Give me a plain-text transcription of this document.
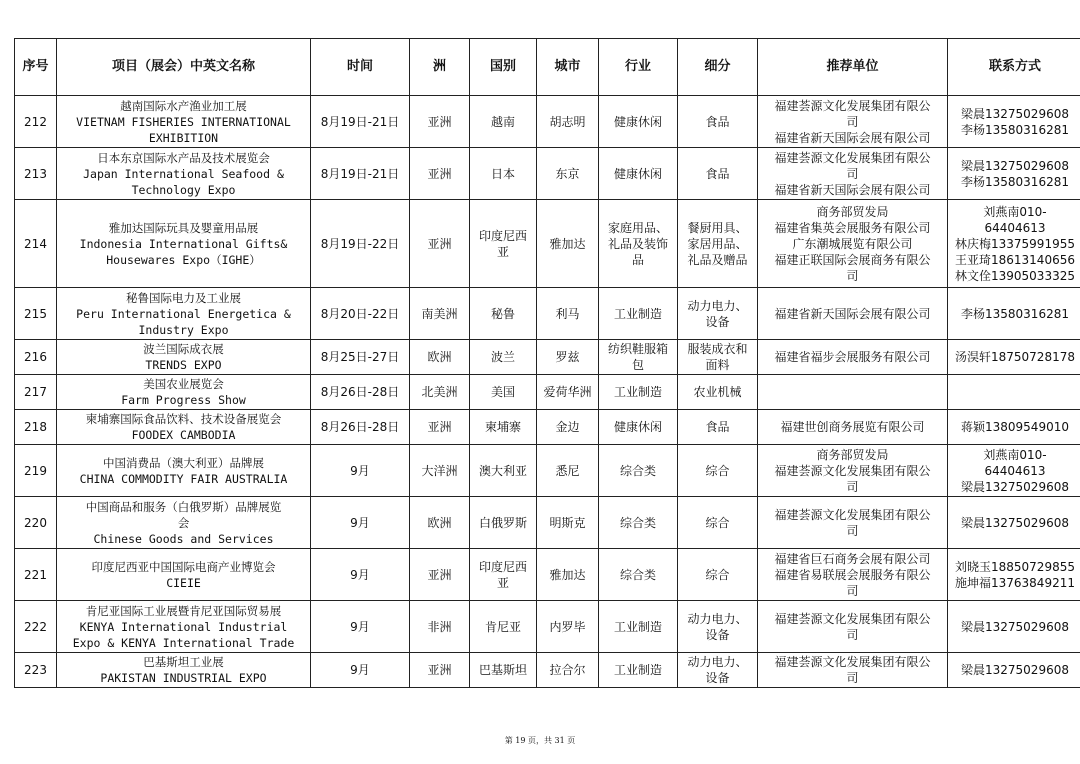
序号	项目（展会）中英文名称	时间	洲	国别	城市	行业	细分	推荐单位	联系方式
212	越南国际水产渔业加工展
VIETNAM FISHERIES INTERNATIONAL
EXHIBITION	8月19日-21日	亚洲	越南	胡志明	健康休闲	食品	福建荟源文化发展集团有限公
司
福建省新天国际会展有限公司	梁晨13275029608
李杨13580316281
213	日本东京国际水产品及技术展览会
Japan International Seafood &
Technology Expo	8月19日-21日	亚洲	日本	东京	健康休闲	食品	福建荟源文化发展集团有限公
司
福建省新天国际会展有限公司	梁晨13275029608
李杨13580316281
214	雅加达国际玩具及婴童用品展
Indonesia International Gifts&
Housewares Expo（IGHE）	8月19日-22日	亚洲	印度尼西
亚	雅加达	家庭用品、
礼品及装饰
品	餐厨用具、
家居用品、
礼品及赠品	商务部贸发局
福建省集英会展服务有限公司
广东潮城展览有限公司
福建正联国际会展商务有限公
司	刘燕南010-
64404613
林庆梅13375991955
王亚琦18613140656
林文佺13905033325
215	秘鲁国际电力及工业展
Peru International Energetica &
Industry Expo	8月20日-22日	南美洲	秘鲁	利马	工业制造	动力电力、
设备	福建省新天国际会展有限公司	李杨13580316281
216	波兰国际成衣展
TRENDS EXPO	8月25日-27日	欧洲	波兰	罗兹	纺织鞋服箱
包	服装成衣和
面料	福建省福步会展服务有限公司	汤淏轩18750728178
217	美国农业展览会
Farm Progress Show	8月26日-28日	北美洲	美国	爱荷华洲	工业制造	农业机械		
218	柬埔寨国际食品饮料、技术设备展览会
FOODEX CAMBODIA	8月26日-28日	亚洲	柬埔寨	金边	健康休闲	食品	福建世创商务展览有限公司	蒋颖13809549010
219	中国消费品（澳大利亚）品牌展
CHINA COMMODITY FAIR AUSTRALIA	9月	大洋洲	澳大利亚	悉尼	综合类	综合	商务部贸发局
福建荟源文化发展集团有限公
司	刘燕南010-
64404613
梁晨13275029608
220	中国商品和服务（白俄罗斯）品牌展览
会
Chinese Goods and Services	9月	欧洲	白俄罗斯	明斯克	综合类	综合	福建荟源文化发展集团有限公
司	梁晨13275029608
221	印度尼西亚中国国际电商产业博览会
CIEIE	9月	亚洲	印度尼西
亚	雅加达	综合类	综合	福建省巨石商务会展有限公司
福建省易联展会展服务有限公
司	刘晓玉18850729855
施坤福13763849211
222	肯尼亚国际工业展暨肯尼亚国际贸易展
KENYA International Industrial
Expo & KENYA International Trade	9月	非洲	肯尼亚	内罗毕	工业制造	动力电力、
设备	福建荟源文化发展集团有限公
司	梁晨13275029608
223	巴基斯坦工业展
PAKISTAN INDUSTRIAL EXPO	9月	亚洲	巴基斯坦	拉合尔	工业制造	动力电力、
设备	福建荟源文化发展集团有限公
司	梁晨13275029608
第 19 页，共 31 页
